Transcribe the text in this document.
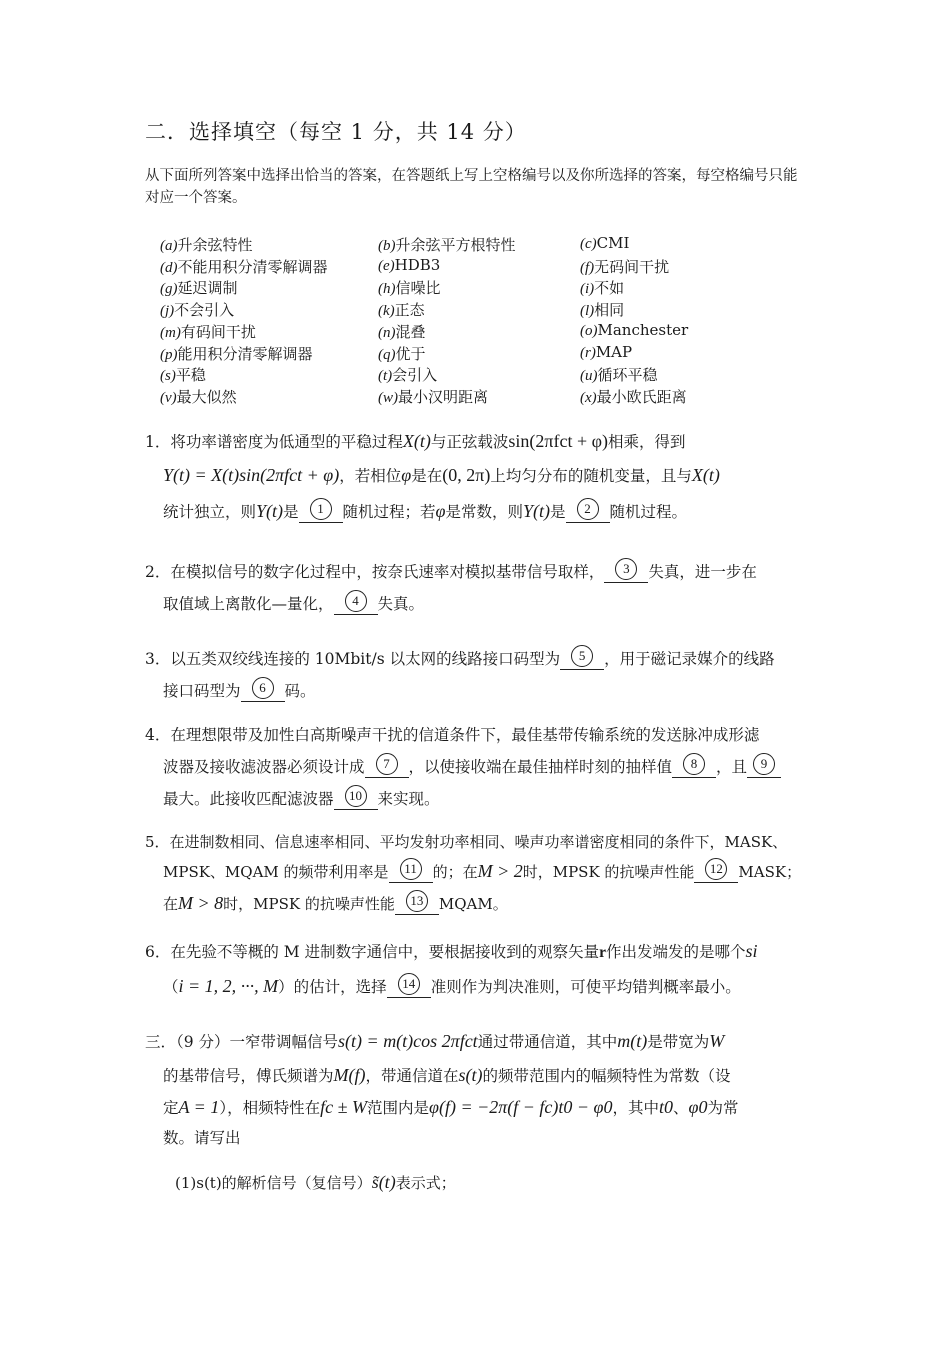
二．选择填空（每空 1 分，共 14 分）
从下面所列答案中选择出恰当的答案，在答题纸上写上空格编号以及你所选择的答案，每空格编号只能对应一个答案。
(a)升余弦特性	(b)升余弦平方根特性	(c)CMI
(d)不能用积分清零解调器	(e)HDB3	(f)无码间干扰
(g)延迟调制	(h)信噪比	(i)不如
(j)不会引入	(k)正态	(l)相同
(m)有码间干扰	(n)混叠	(o)Manchester
(p)能用积分清零解调器	(q)优于	(r)MAP
(s)平稳	(t)会引入	(u)循环平稳
(v)最大似然	(w)最小汉明距离	(x)最小欧氏距离
1．将功率谱密度为低通型的平稳过程X(t)与正弦载波sin(2πfct + φ)相乘，得到
Y(t) = X(t)sin(2πfct + φ)，若相位φ是在(0, 2π)上均匀分布的随机变量，且与X(t)
统计独立，则Y(t)是 1 随机过程；若φ是常数，则Y(t)是 2 随机过程。
2．在模拟信号的数字化过程中，按奈氏速率对模拟基带信号取样， 3 失真，进一步在
取值域上离散化—量化， 4 失真。
3．以五类双绞线连接的 10Mbit/s 以太网的线路接口码型为 5 ，用于磁记录媒介的线路
接口码型为 6 码。
4．在理想限带及加性白高斯噪声干扰的信道条件下，最佳基带传输系统的发送脉冲成形滤
波器及接收滤波器必须设计成 7 ，以使接收端在最佳抽样时刻的抽样值 8 ，且 9
最大。此接收匹配滤波器 10 来实现。
5．在进制数相同、信息速率相同、平均发射功率相同、噪声功率谱密度相同的条件下，MASK、
MPSK、MQAM 的频带利用率是 11 的；在M > 2时，MPSK 的抗噪声性能 12 MASK；
在M > 8时，MPSK 的抗噪声性能 13 MQAM。
6．在先验不等概的 M 进制数字通信中，要根据接收到的观察矢量r作出发端发的是哪个si
（i = 1, 2, ···, M）的估计，选择 14 准则作为判决准则，可使平均错判概率最小。
三．（9 分）一窄带调幅信号s(t) = m(t)cos 2πfct通过带通信道，其中m(t)是带宽为W
的基带信号，傅氏频谱为M(f)，带通信道在s(t)的频带范围内的幅频特性为常数（设
定A = 1），相频特性在fc ± W范围内是φ(f) = −2π(f − fc)t0 − φ0，其中t0、φ0为常
数。请写出
(1)s(t)的解析信号（复信号）s̃(t)表示式；
